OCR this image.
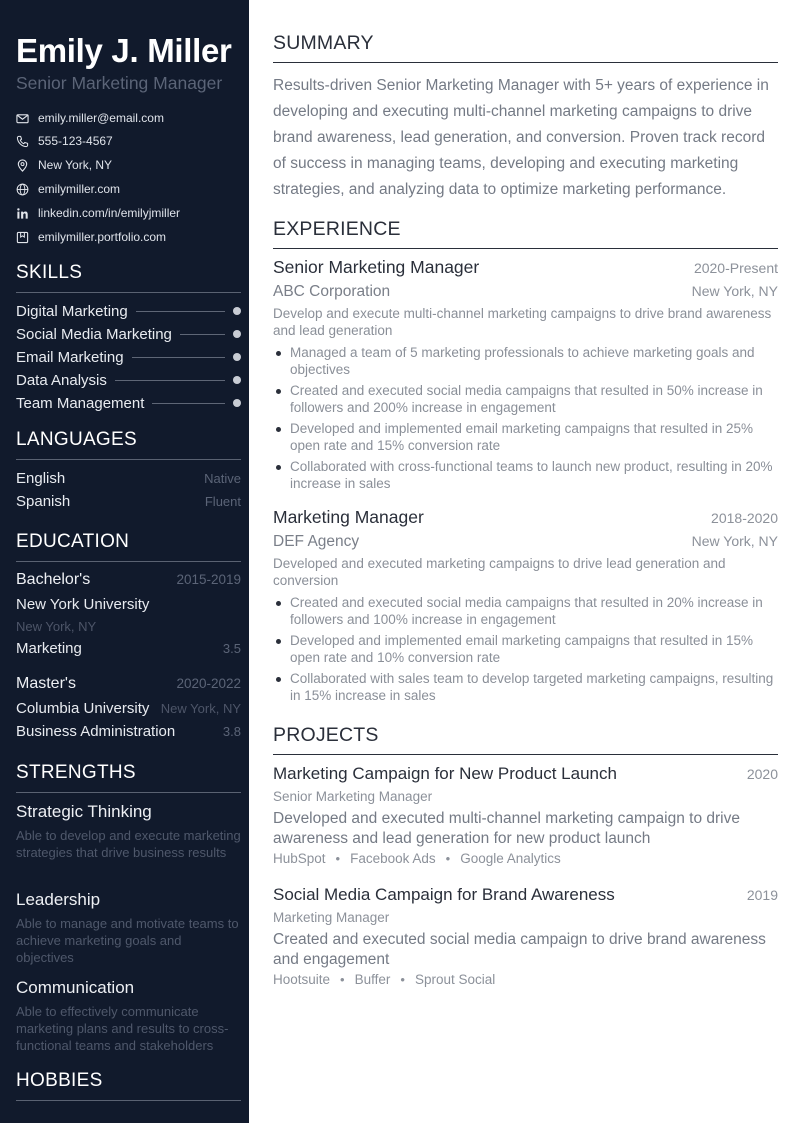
Emily J. Miller
Senior Marketing Manager
emily.miller@email.com
555-123-4567
New York, NY
emilymiller.com
linkedin.com/in/emilyjmiller
emilymiller.portfolio.com
SKILLS
Digital Marketing
Social Media Marketing
Email Marketing
Data Analysis
Team Management
LANGUAGES
English	Native
Spanish	Fluent
EDUCATION
Bachelor's	2015-2019
New York University
New York, NY
Marketing	3.5
Master's	2020-2022
Columbia University New York, NY
Business Administration	3.8
STRENGTHS
Strategic Thinking
Able to develop and execute marketing strategies that drive business results
Leadership
Able to manage and motivate teams to achieve marketing goals and objectives
Communication
Able to effectively communicate marketing plans and results to cross-functional teams and stakeholders
HOBBIES
SUMMARY
Results-driven Senior Marketing Manager with 5+ years of experience in developing and executing multi-channel marketing campaigns to drive brand awareness, lead generation, and conversion. Proven track record of success in managing teams, developing and executing marketing strategies, and analyzing data to optimize marketing performance.
EXPERIENCE
Senior Marketing Manager	2020-Present
ABC Corporation	New York, NY
Develop and execute multi-channel marketing campaigns to drive brand awareness and lead generation
Managed a team of 5 marketing professionals to achieve marketing goals and objectives
Created and executed social media campaigns that resulted in 50% increase in followers and 200% increase in engagement
Developed and implemented email marketing campaigns that resulted in 25% open rate and 15% conversion rate
Collaborated with cross-functional teams to launch new product, resulting in 20% increase in sales
Marketing Manager	2018-2020
DEF Agency	New York, NY
Developed and executed marketing campaigns to drive lead generation and conversion
Created and executed social media campaigns that resulted in 20% increase in followers and 100% increase in engagement
Developed and implemented email marketing campaigns that resulted in 15% open rate and 10% conversion rate
Collaborated with sales team to develop targeted marketing campaigns, resulting in 15% increase in sales
PROJECTS
Marketing Campaign for New Product Launch	2020
Senior Marketing Manager
Developed and executed multi-channel marketing campaign to drive awareness and lead generation for new product launch
HubSpot • Facebook Ads • Google Analytics
Social Media Campaign for Brand Awareness	2019
Marketing Manager
Created and executed social media campaign to drive brand awareness and engagement
Hootsuite • Buffer • Sprout Social
